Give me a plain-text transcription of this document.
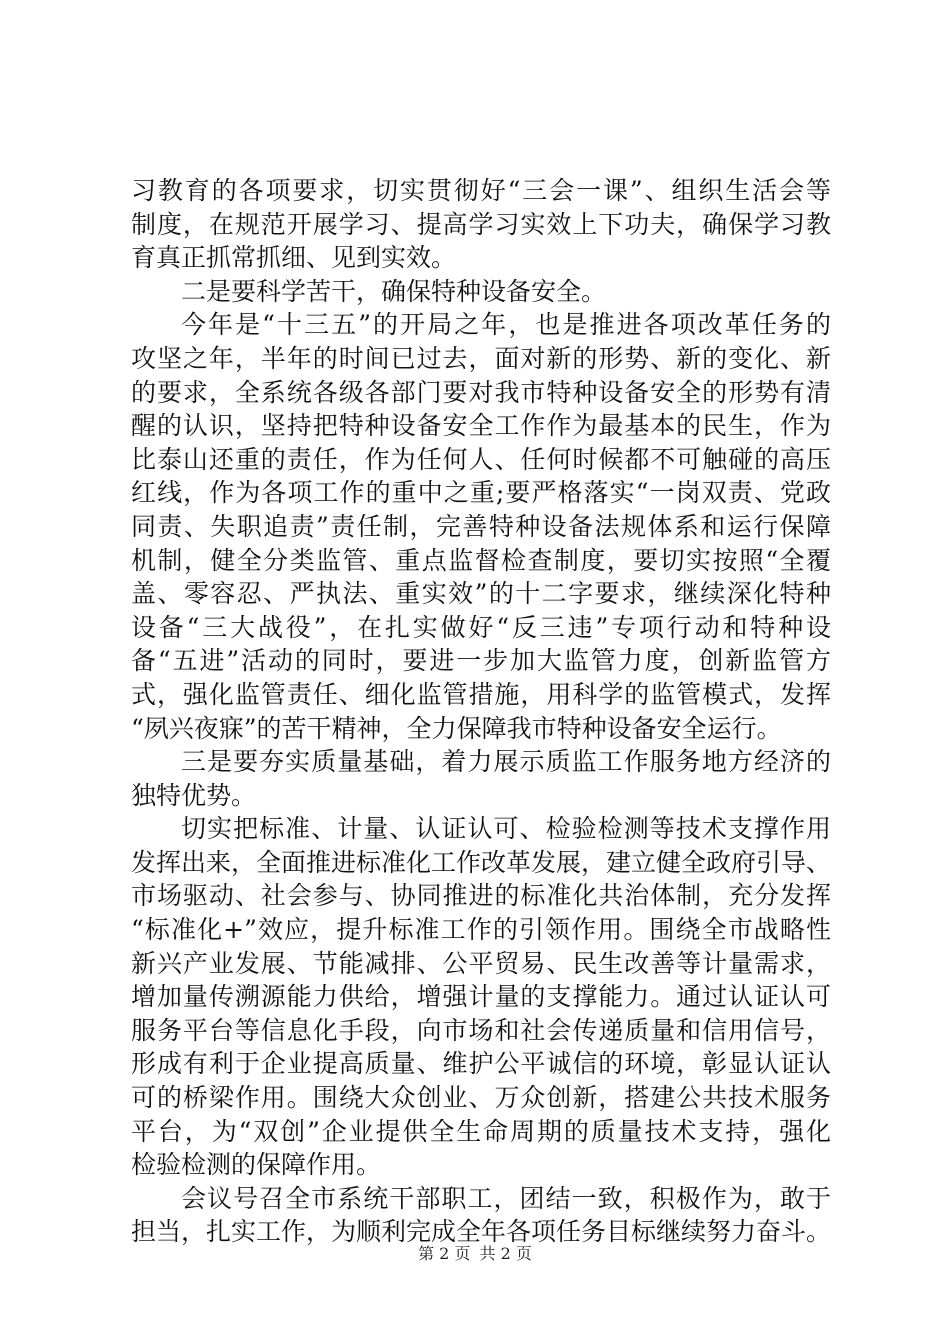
习教育的各项要求，切实贯彻好“三会一课”、组织生活会等
制度，在规范开展学习、提高学习实效上下功夫，确保学习教
育真正抓常抓细、见到实效。
二是要科学苦干，确保特种设备安全。
今年是“十三五”的开局之年，也是推进各项改革任务的
攻坚之年，半年的时间已过去，面对新的形势、新的变化、新
的要求，全系统各级各部门要对我市特种设备安全的形势有清
醒的认识，坚持把特种设备安全工作作为最基本的民生，作为
比泰山还重的责任，作为任何人、任何时候都不可触碰的高压
红线，作为各项工作的重中之重;要严格落实“一岗双责、党政
同责、失职追责”责任制，完善特种设备法规体系和运行保障
机制，健全分类监管、重点监督检查制度，要切实按照“全覆
盖、零容忍、严执法、重实效”的十二字要求，继续深化特种
设备“三大战役”，在扎实做好“反三违”专项行动和特种设
备“五进”活动的同时，要进一步加大监管力度，创新监管方
式，强化监管责任、细化监管措施，用科学的监管模式，发挥
“夙兴夜寐”的苦干精神，全力保障我市特种设备安全运行。
三是要夯实质量基础，着力展示质监工作服务地方经济的
独特优势。
切实把标准、计量、认证认可、检验检测等技术支撑作用
发挥出来，全面推进标准化工作改革发展，建立健全政府引导、
市场驱动、社会参与、协同推进的标准化共治体制，充分发挥
“标准化+”效应，提升标准工作的引领作用。围绕全市战略性
新兴产业发展、节能减排、公平贸易、民生改善等计量需求，
增加量传溯源能力供给，增强计量的支撑能力。通过认证认可
服务平台等信息化手段，向市场和社会传递质量和信用信号，
形成有利于企业提高质量、维护公平诚信的环境，彰显认证认
可的桥梁作用。围绕大众创业、万众创新，搭建公共技术服务
平台，为“双创”企业提供全生命周期的质量技术支持，强化
检验检测的保障作用。
会议号召全市系统干部职工，团结一致，积极作为，敢于
担当，扎实工作，为顺利完成全年各项任务目标继续努力奋斗。
第 2 页 共 2 页
